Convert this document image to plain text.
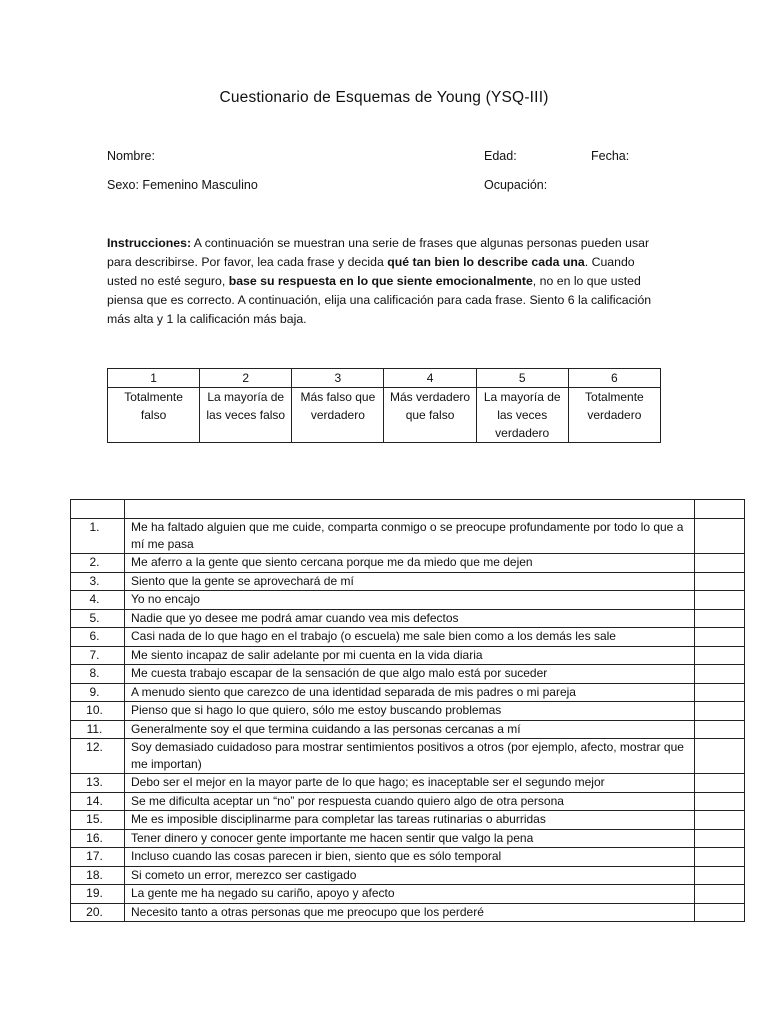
Cuestionario de Esquemas de Young (YSQ-III)
Nombre:	Edad:	Fecha:
Sexo: Femenino Masculino	Ocupación:
Instrucciones: A continuación se muestran una serie de frases que algunas personas pueden usar para describirse. Por favor, lea cada frase y decida qué tan bien lo describe cada una. Cuando usted no esté seguro, base su respuesta en lo que siente emocionalmente, no en lo que usted piensa que es correcto. A continuación, elija una calificación para cada frase. Siento 6 la calificación más alta y 1 la calificación más baja.
1	2	3	4	5	6
Totalmente falso	La mayoría de las veces falso	Más falso que verdadero	Más verdadero que falso	La mayoría de las veces verdadero	Totalmente verdadero

1.	Me ha faltado alguien que me cuide, comparta conmigo o se preocupe profundamente por todo lo que a mí me pasa	
2.	Me aferro a la gente que siento cercana porque me da miedo que me dejen	
3.	Siento que la gente se aprovechará de mí	
4.	Yo no encajo	
5.	Nadie que yo desee me podrá amar cuando vea mis defectos	
6.	Casi nada de lo que hago en el trabajo (o escuela) me sale bien como a los demás les sale	
7.	Me siento incapaz de salir adelante por mi cuenta en la vida diaria	
8.	Me cuesta trabajo escapar de la sensación de que algo malo está por suceder	
9.	A menudo siento que carezco de una identidad separada de mis padres o mi pareja	
10.	Pienso que si hago lo que quiero, sólo me estoy buscando problemas	
11.	Generalmente soy el que termina cuidando a las personas cercanas a mí	
12.	Soy demasiado cuidadoso para mostrar sentimientos positivos a otros (por ejemplo, afecto, mostrar que me importan)	
13.	Debo ser el mejor en la mayor parte de lo que hago; es inaceptable ser el segundo mejor	
14.	Se me dificulta aceptar un “no” por respuesta cuando quiero algo de otra persona	
15.	Me es imposible disciplinarme para completar las tareas rutinarias o aburridas	
16.	Tener dinero y conocer gente importante me hacen sentir que valgo la pena	
17.	Incluso cuando las cosas parecen ir bien, siento que es sólo temporal	
18.	Si cometo un error, merezco ser castigado	
19.	La gente me ha negado su cariño, apoyo y afecto	
20.	Necesito tanto a otras personas que me preocupo que los perderé	
